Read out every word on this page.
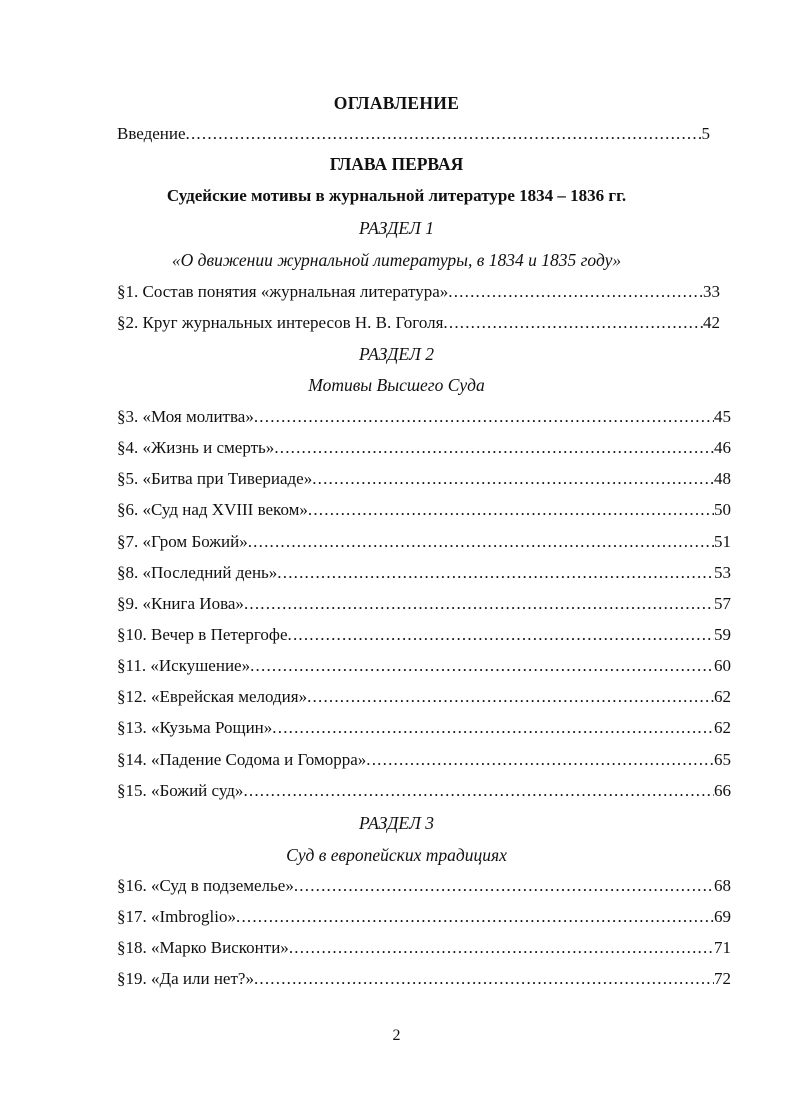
ОГЛАВЛЕНИЕ
Введение .....	5
ГЛАВА ПЕРВАЯ
Судейские мотивы в журнальной литературе 1834 – 1836 гг.
РАЗДЕЛ 1
«О движении журнальной литературы, в 1834 и 1835 году»
§1. Состав понятия «журнальная литература» .....	33
§2. Круг журнальных интересов Н. В. Гоголя .....	42
РАЗДЕЛ 2
Мотивы Высшего Суда
§3. «Моя молитва» .....	45
§4. «Жизнь и смерть» .....	46
§5. «Битва при Тивериаде» .....	48
§6. «Суд над XVIII веком» .....	50
§7. «Гром Божий» .....	51
§8. «Последний день» .....	53
§9. «Книга Иова» .....	57
§10. Вечер в Петергофе .....	59
§11. «Искушение» .....	60
§12. «Еврейская мелодия» .....	62
§13. «Кузьма Рощин» .....	62
§14. «Падение Содома и Гоморра» .....	65
§15. «Божий суд» .....	66
РАЗДЕЛ 3
Суд в европейских традициях
§16. «Суд в подземелье» .....	68
§17. «Imbroglio» .....	69
§18. «Марко Висконти» .....	71
§19. «Да или нет?» .....	72
2
